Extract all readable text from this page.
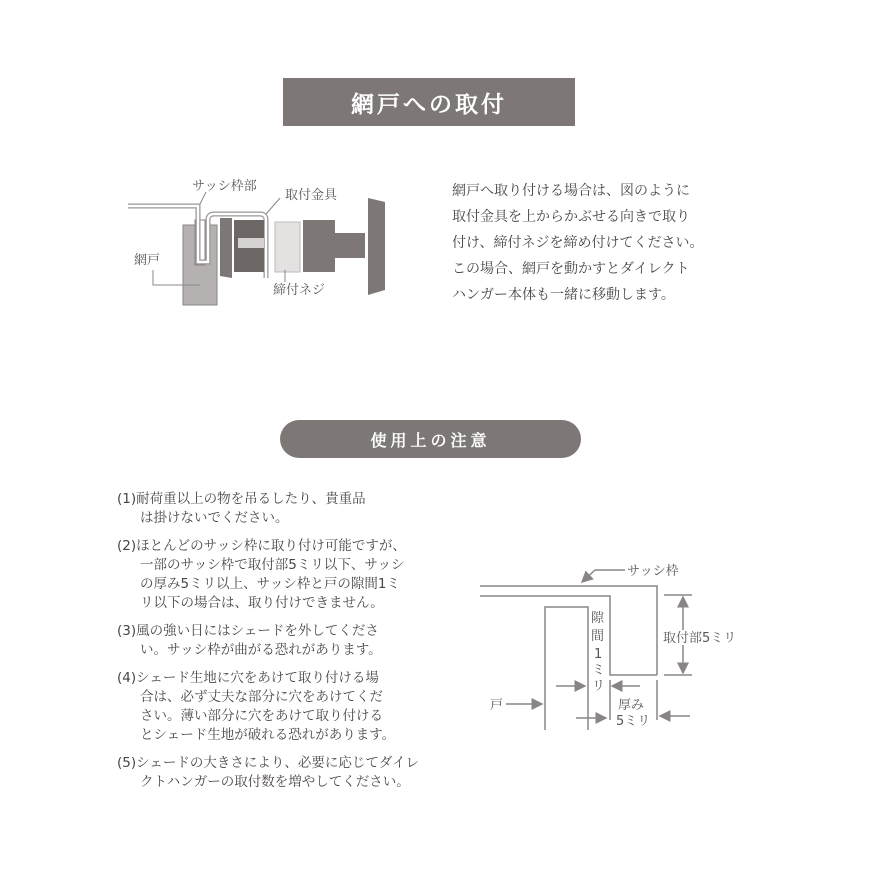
網戸への取付
サッシ枠部
取付金具
網戸
締付ネジ
網戸へ取り付ける場合は、図のように
取付金具を上からかぶせる向きで取り
付け、締付ネジを締め付けてください。
この場合、網戸を動かすとダイレクト
ハンガー本体も一緒に移動します。
使用上の注意
(1)耐荷重以上の物を吊るしたり、貴重品
は掛けないでください。
(2)ほとんどのサッシ枠に取り付け可能ですが、
一部のサッシ枠で取付部5ミリ以下、サッシ
の厚み5ミリ以上、サッシ枠と戸の隙間1ミ
リ以下の場合は、取り付けできません。
(3)風の強い日にはシェードを外してくださ
い。サッシ枠が曲がる恐れがあります。
(4)シェード生地に穴をあけて取り付ける場
合は、必ず丈夫な部分に穴をあけてくだ
さい。薄い部分に穴をあけて取り付ける
とシェード生地が破れる恐れがあります。
(5)シェードの大きさにより、必要に応じてダイレ
クトハンガーの取付数を増やしてください。
サッシ枠
隙
間
1
ミ
リ
取付部5ミリ
戸	厚み
5ミリ
